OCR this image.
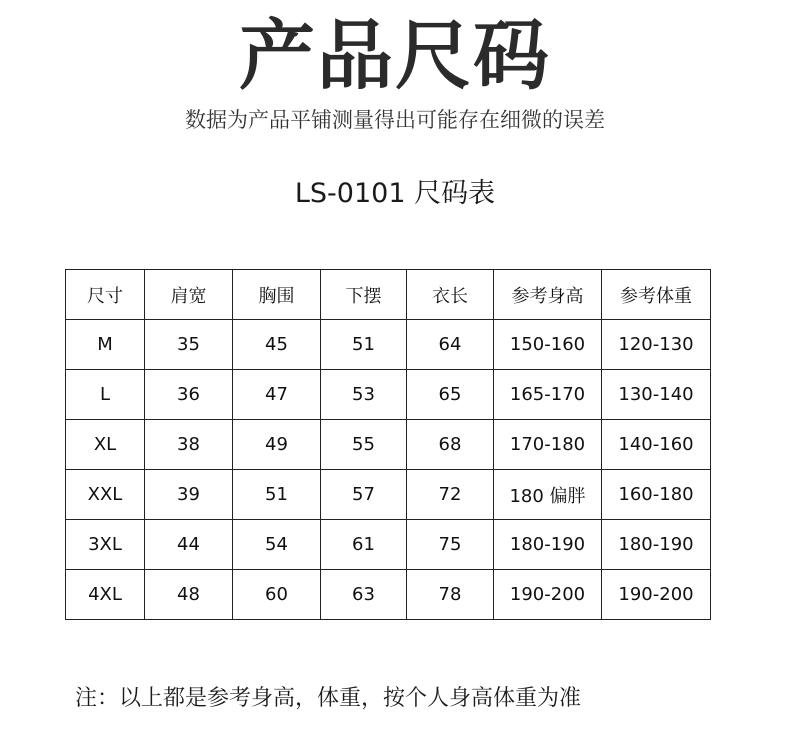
产品尺码
数据为产品平铺测量得出可能存在细微的误差
LS-0101 尺码表
尺寸	肩宽	胸围	下摆	衣长	参考身高	参考体重
M	35	45	51	64	150-160	120-130
L	36	47	53	65	165-170	130-140
XL	38	49	55	68	170-180	140-160
XXL	39	51	57	72	180 偏胖	160-180
3XL	44	54	61	75	180-190	180-190
4XL	48	60	63	78	190-200	190-200
注：以上都是参考身高，体重，按个人身高体重为准
